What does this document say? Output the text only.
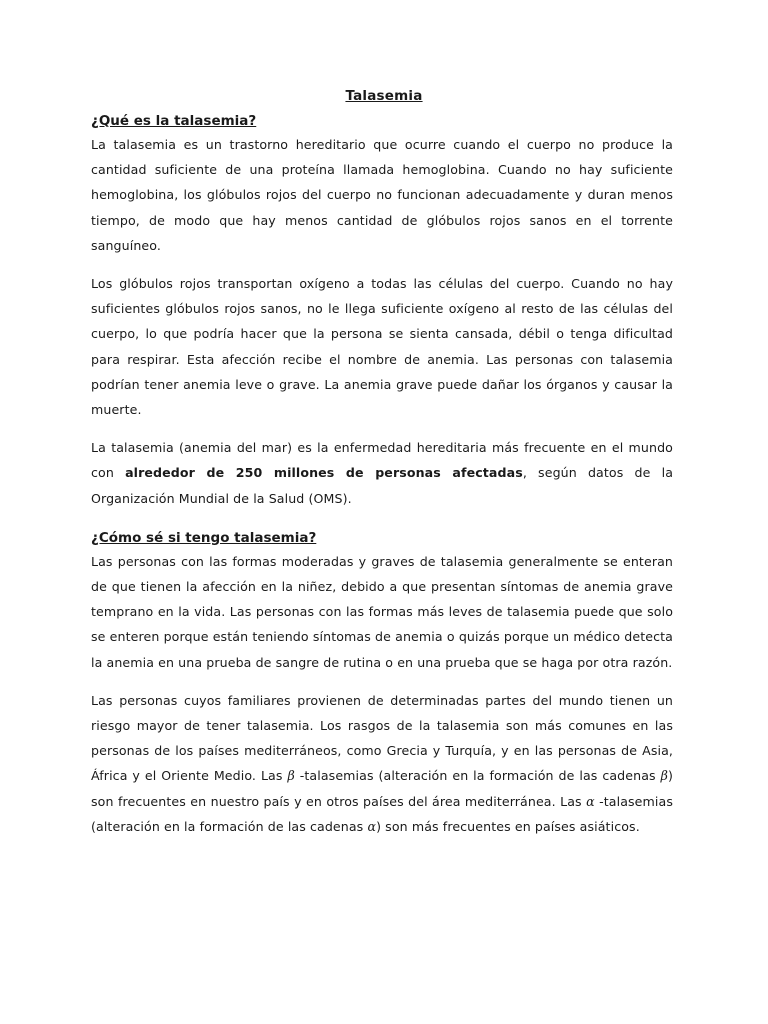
Talasemia
¿Qué es la talasemia?

La talasemia es un trastorno hereditario que ocurre cuando el cuerpo no produce la cantidad suficiente de una proteína llamada hemoglobina. Cuando no hay suficiente hemoglobina, los glóbulos rojos del cuerpo no funcionan adecuadamente y duran menos tiempo, de modo que hay menos cantidad de glóbulos rojos sanos en el torrente sanguíneo.

Los glóbulos rojos transportan oxígeno a todas las células del cuerpo. Cuando no hay suficientes glóbulos rojos sanos, no le llega suficiente oxígeno al resto de las células del cuerpo, lo que podría hacer que la persona se sienta cansada, débil o tenga dificultad para respirar. Esta afección recibe el nombre de anemia. Las personas con talasemia podrían tener anemia leve o grave. La anemia grave puede dañar los órganos y causar la muerte.

La talasemia (anemia del mar) es la enfermedad hereditaria más frecuente en el mundo con alrededor de 250 millones de personas afectadas, según datos de la Organización Mundial de la Salud (OMS).

¿Cómo sé si tengo talasemia?

Las personas con las formas moderadas y graves de talasemia generalmente se enteran de que tienen la afección en la niñez, debido a que presentan síntomas de anemia grave temprano en la vida. Las personas con las formas más leves de talasemia puede que solo se enteren porque están teniendo síntomas de anemia o quizás porque un médico detecta la anemia en una prueba de sangre de rutina o en una prueba que se haga por otra razón.

Las personas cuyos familiares provienen de determinadas partes del mundo tienen un riesgo mayor de tener talasemia. Los rasgos de la talasemia son más comunes en las personas de los países mediterráneos, como Grecia y Turquía, y en las personas de Asia, África y el Oriente Medio. Las β -talasemias (alteración en la formación de las cadenas β) son frecuentes en nuestro país y en otros países del área mediterránea. Las α -talasemias (alteración en la formación de las cadenas α) son más frecuentes en países asiáticos.
